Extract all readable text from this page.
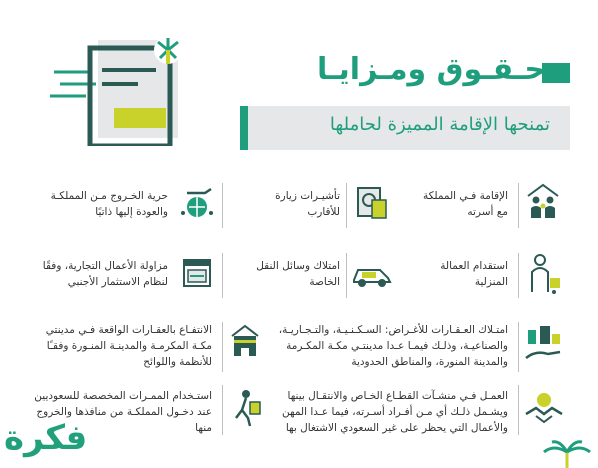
حـقـوق ومـزايـا
تمنحها الإقامة المميزة لحاملها
الإقامة فـي المملكة
مع أسرته
تأشيـرات زيارة
للأقارب
حرية الخـروج مـن المملكـة
والعودة إليها ذاتيًا
استقدام العمالة
المنزلية
امتلاك وسائل النقل
الخاصة
مزاولة الأعمال التجارية، وفقًا
لنظام الاستثمار الأجنبي
امتـلاك العـقـارات للأغـراض: السـكـنـيـة، والتـجـاريـة،
والصناعيـة، وذلـك فيمـا عـدا مدينتـي مكـة المكـرمة
والمدينة المنورة، والمناطق الحدودية
الانتفـاع بالعقـارات الواقعة فـي مدينتي
مكـة المكرمـة والمدينـة المنـورة وفقـًا
للأنظمة واللوائح
العمـل فـي منشـآت القطـاع الخـاص والانتقـال بينها
ويشـمل ذلـك أي مـن أفـراد أسـرته، فيما عـدا المهن
والأعمال التي يحظر على غير السعودي الاشتغال بها
استـخدام الممـرات المخصصة للسعوديين
عند دخـول المملكـة من منافذها والخروج
منها
فكرة
